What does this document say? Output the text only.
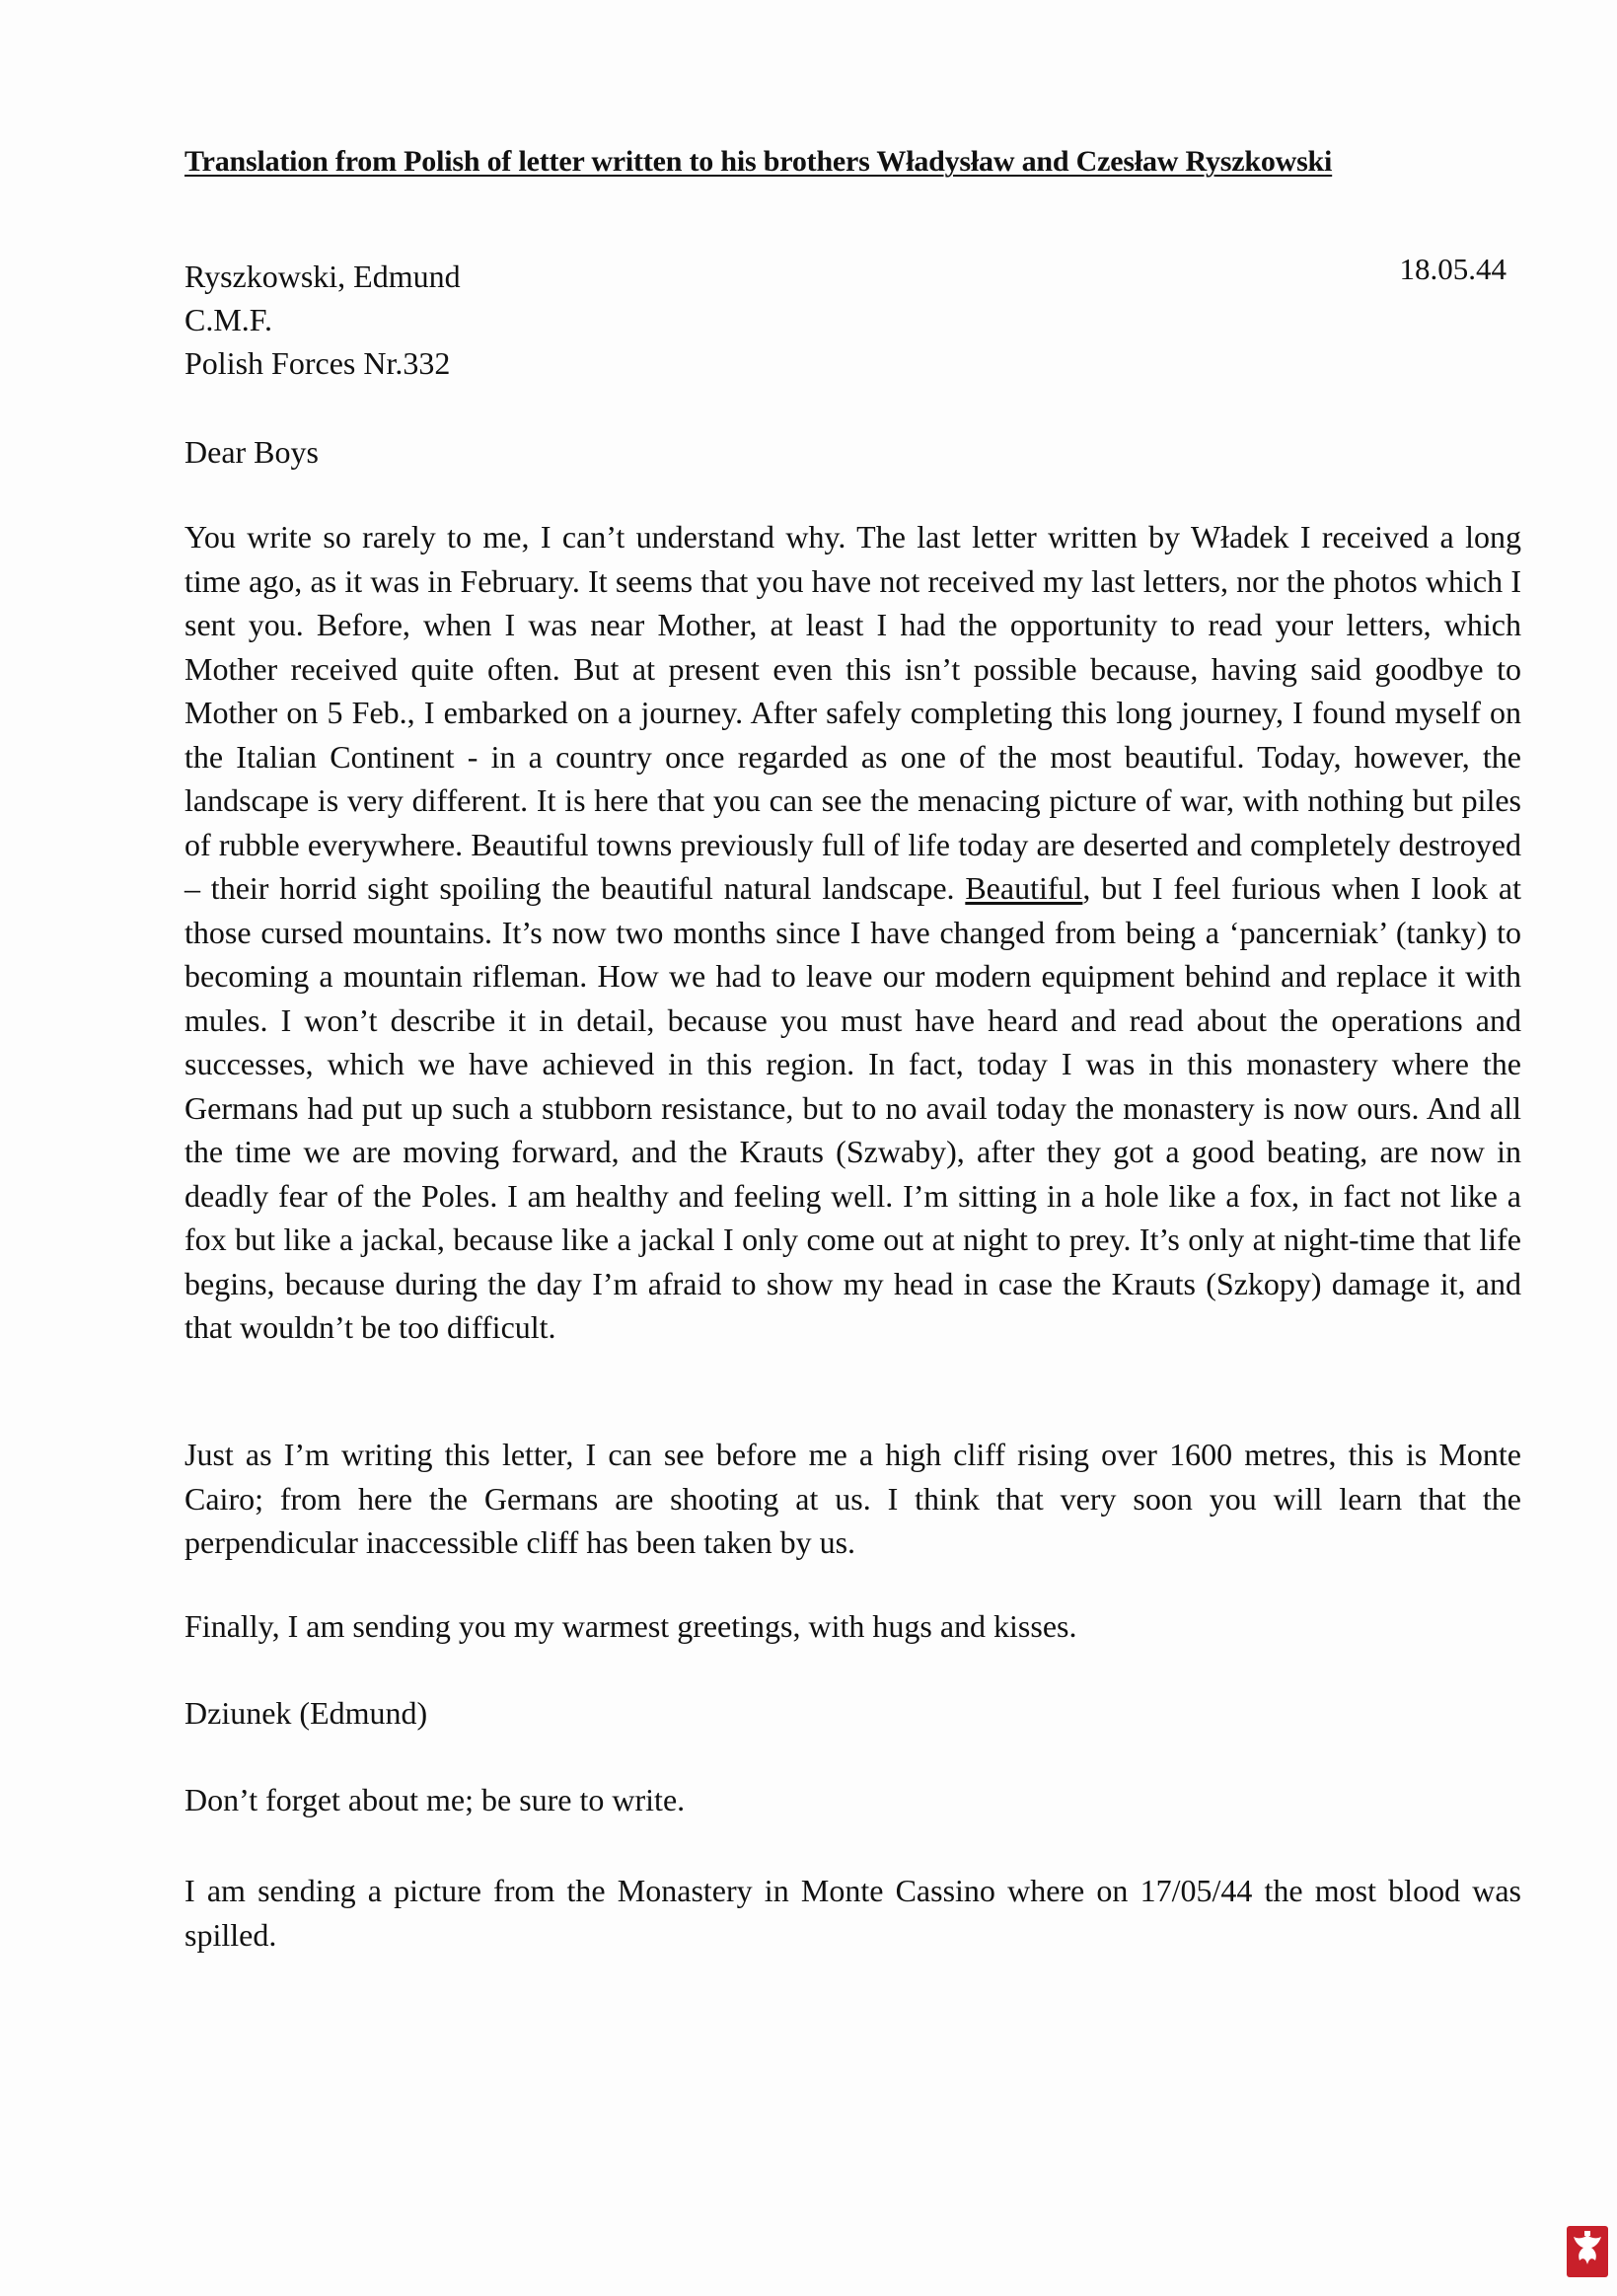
Translation from Polish of letter written to his brothers Władysław and Czesław Ryszkowski
Ryszkowski, Edmund
C.M.F.
Polish Forces Nr.332
18.05.44
Dear Boys

You write so rarely to me, I can’t understand why. The last letter written by Władek I received a long time ago, as it was in February. It seems that you have not received my last letters, nor the photos which I sent you. Before, when I was near Mother, at least I had the opportunity to read your letters, which Mother received quite often. But at present even this isn’t possible because, having said goodbye to Mother on 5 Feb., I embarked on a journey. After safely completing this long journey, I found myself on the Italian Continent - in a country once regarded as one of the most beautiful. Today, however, the landscape is very different. It is here that you can see the menacing picture of war, with nothing but piles of rubble everywhere. Beautiful towns previously full of life today are deserted and completely destroyed – their horrid sight spoiling the beautiful natural landscape. Beautiful, but I feel furious when I look at those cursed mountains. It’s now two months since I have changed from being a ‘pancerniak’ (tanky) to becoming a mountain rifleman. How we had to leave our modern equipment behind and replace it with mules. I won’t describe it in detail, because you must have heard and read about the operations and successes, which we have achieved in this region. In fact, today I was in this monastery where the Germans had put up such a stubborn resistance, but to no avail today the monastery is now ours. And all the time we are moving forward, and the Krauts (Szwaby), after they got a good beating, are now in deadly fear of the Poles. I am healthy and feeling well. I’m sitting in a hole like a fox, in fact not like a fox but like a jackal, because like a jackal I only come out at night to prey. It’s only at night-time that life begins, because during the day I’m afraid to show my head in case the Krauts (Szkopy) damage it, and that wouldn’t be too difficult.

Just as I’m writing this letter, I can see before me a high cliff rising over 1600 metres, this is Monte Cairo; from here the Germans are shooting at us. I think that very soon you will learn that the perpendicular inaccessible cliff has been taken by us.

Finally, I am sending you my warmest greetings, with hugs and kisses.
Dziunek (Edmund)
Don’t forget about me; be sure to write.
I am sending a picture from the Monastery in Monte Cassino where on 17/05/44 the most blood was spilled.
